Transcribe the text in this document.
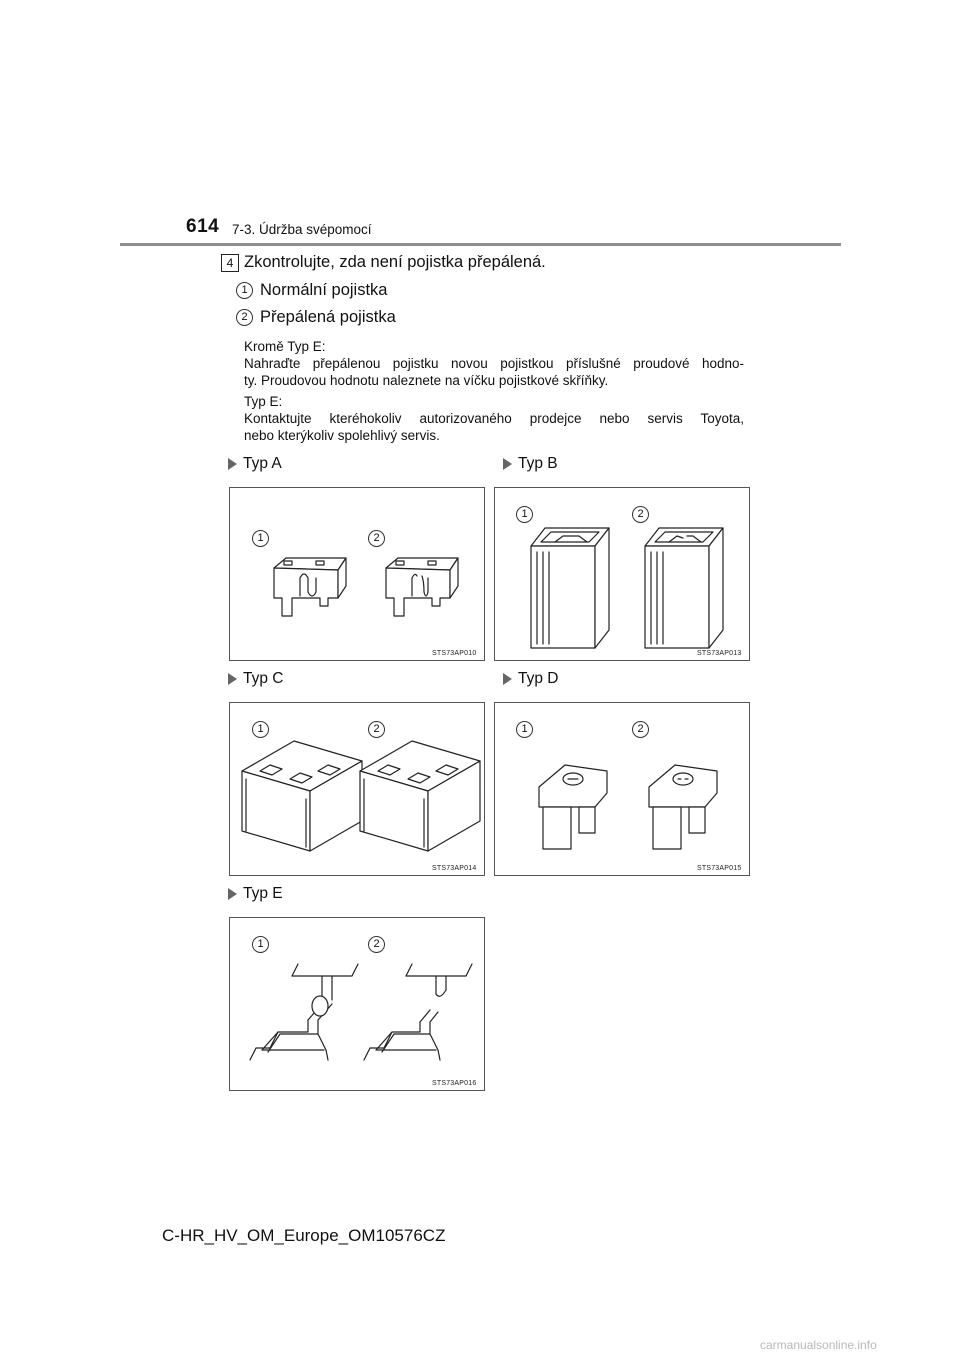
614 7-3. Údržba svépomocí
4 Zkontrolujte, zda není pojistka přepálená.
1 Normální pojistka
2 Přepálená pojistka
Kromě Typ E:
Nahraďte přepálenou pojistku novou pojistkou příslušné proudové hodno-
ty. Proudovou hodnotu naleznete na víčku pojistkové skříňky.
Typ E:
Kontaktujte kteréhokoliv autorizovaného prodejce nebo servis Toyota,
nebo kterýkoliv spolehlivý servis.
Typ A	Typ B
Typ C	Typ D
Typ E
1	2
STS73AP010
1	2
STS73AP013
1	2
STS73AP014
1	2
STS73AP015
1	2
STS73AP016
C-HR_HV_OM_Europe_OM10576CZ
carmanualsonline.info
